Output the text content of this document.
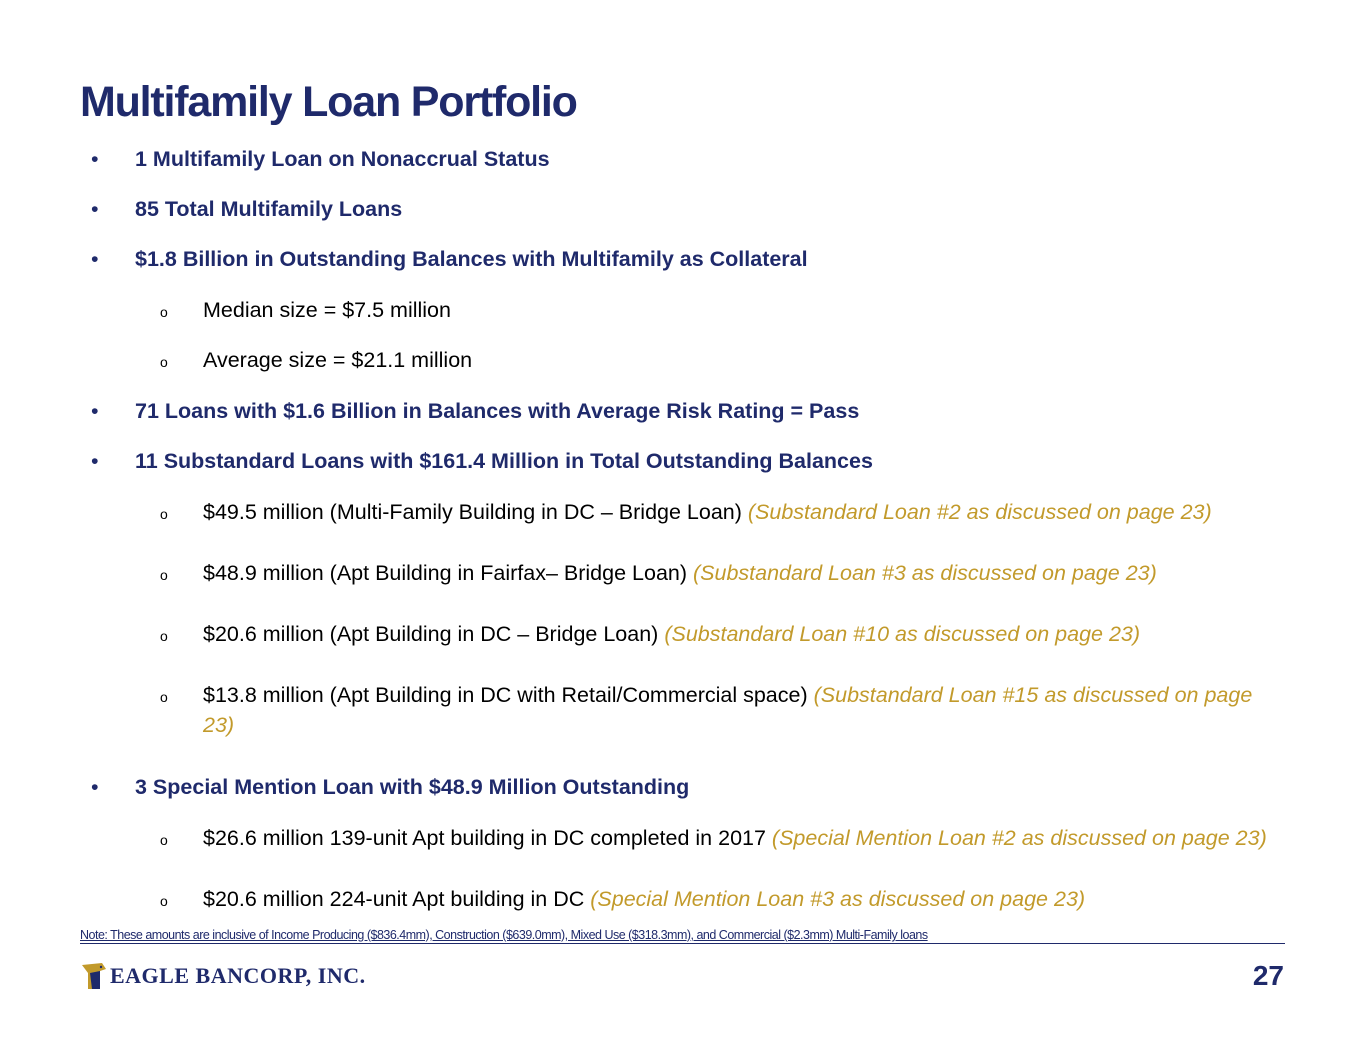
Multifamily Loan Portfolio
• 1 Multifamily Loan on Nonaccrual Status
• 85 Total Multifamily Loans
• $1.8 Billion in Outstanding Balances with Multifamily as Collateral
o Median size = $7.5 million
o Average size = $21.1 million
• 71 Loans with $1.6 Billion in Balances with Average Risk Rating = Pass
• 11 Substandard Loans with $161.4 Million in Total Outstanding Balances
o $49.5 million (Multi-Family Building in DC – Bridge Loan) (Substandard Loan #2 as discussed on page 23)
o $48.9 million (Apt Building in Fairfax– Bridge Loan) (Substandard Loan #3 as discussed on page 23)
o $20.6 million (Apt Building in DC – Bridge Loan) (Substandard Loan #10 as discussed on page 23)
o $13.8 million (Apt Building in DC with Retail/Commercial space) (Substandard Loan #15 as discussed on page 23)
• 3 Special Mention Loan with $48.9 Million Outstanding
o $26.6 million 139-unit Apt building in DC completed in 2017 (Special Mention Loan #2 as discussed on page 23)
o $20.6 million 224-unit Apt building in DC (Special Mention Loan #3 as discussed on page 23)
Note: These amounts are inclusive of Income Producing ($836.4mm), Construction ($639.0mm), Mixed Use ($318.3mm), and Commercial ($2.3mm) Multi-Family loans
EAGLE BANCORP, INC.	27
